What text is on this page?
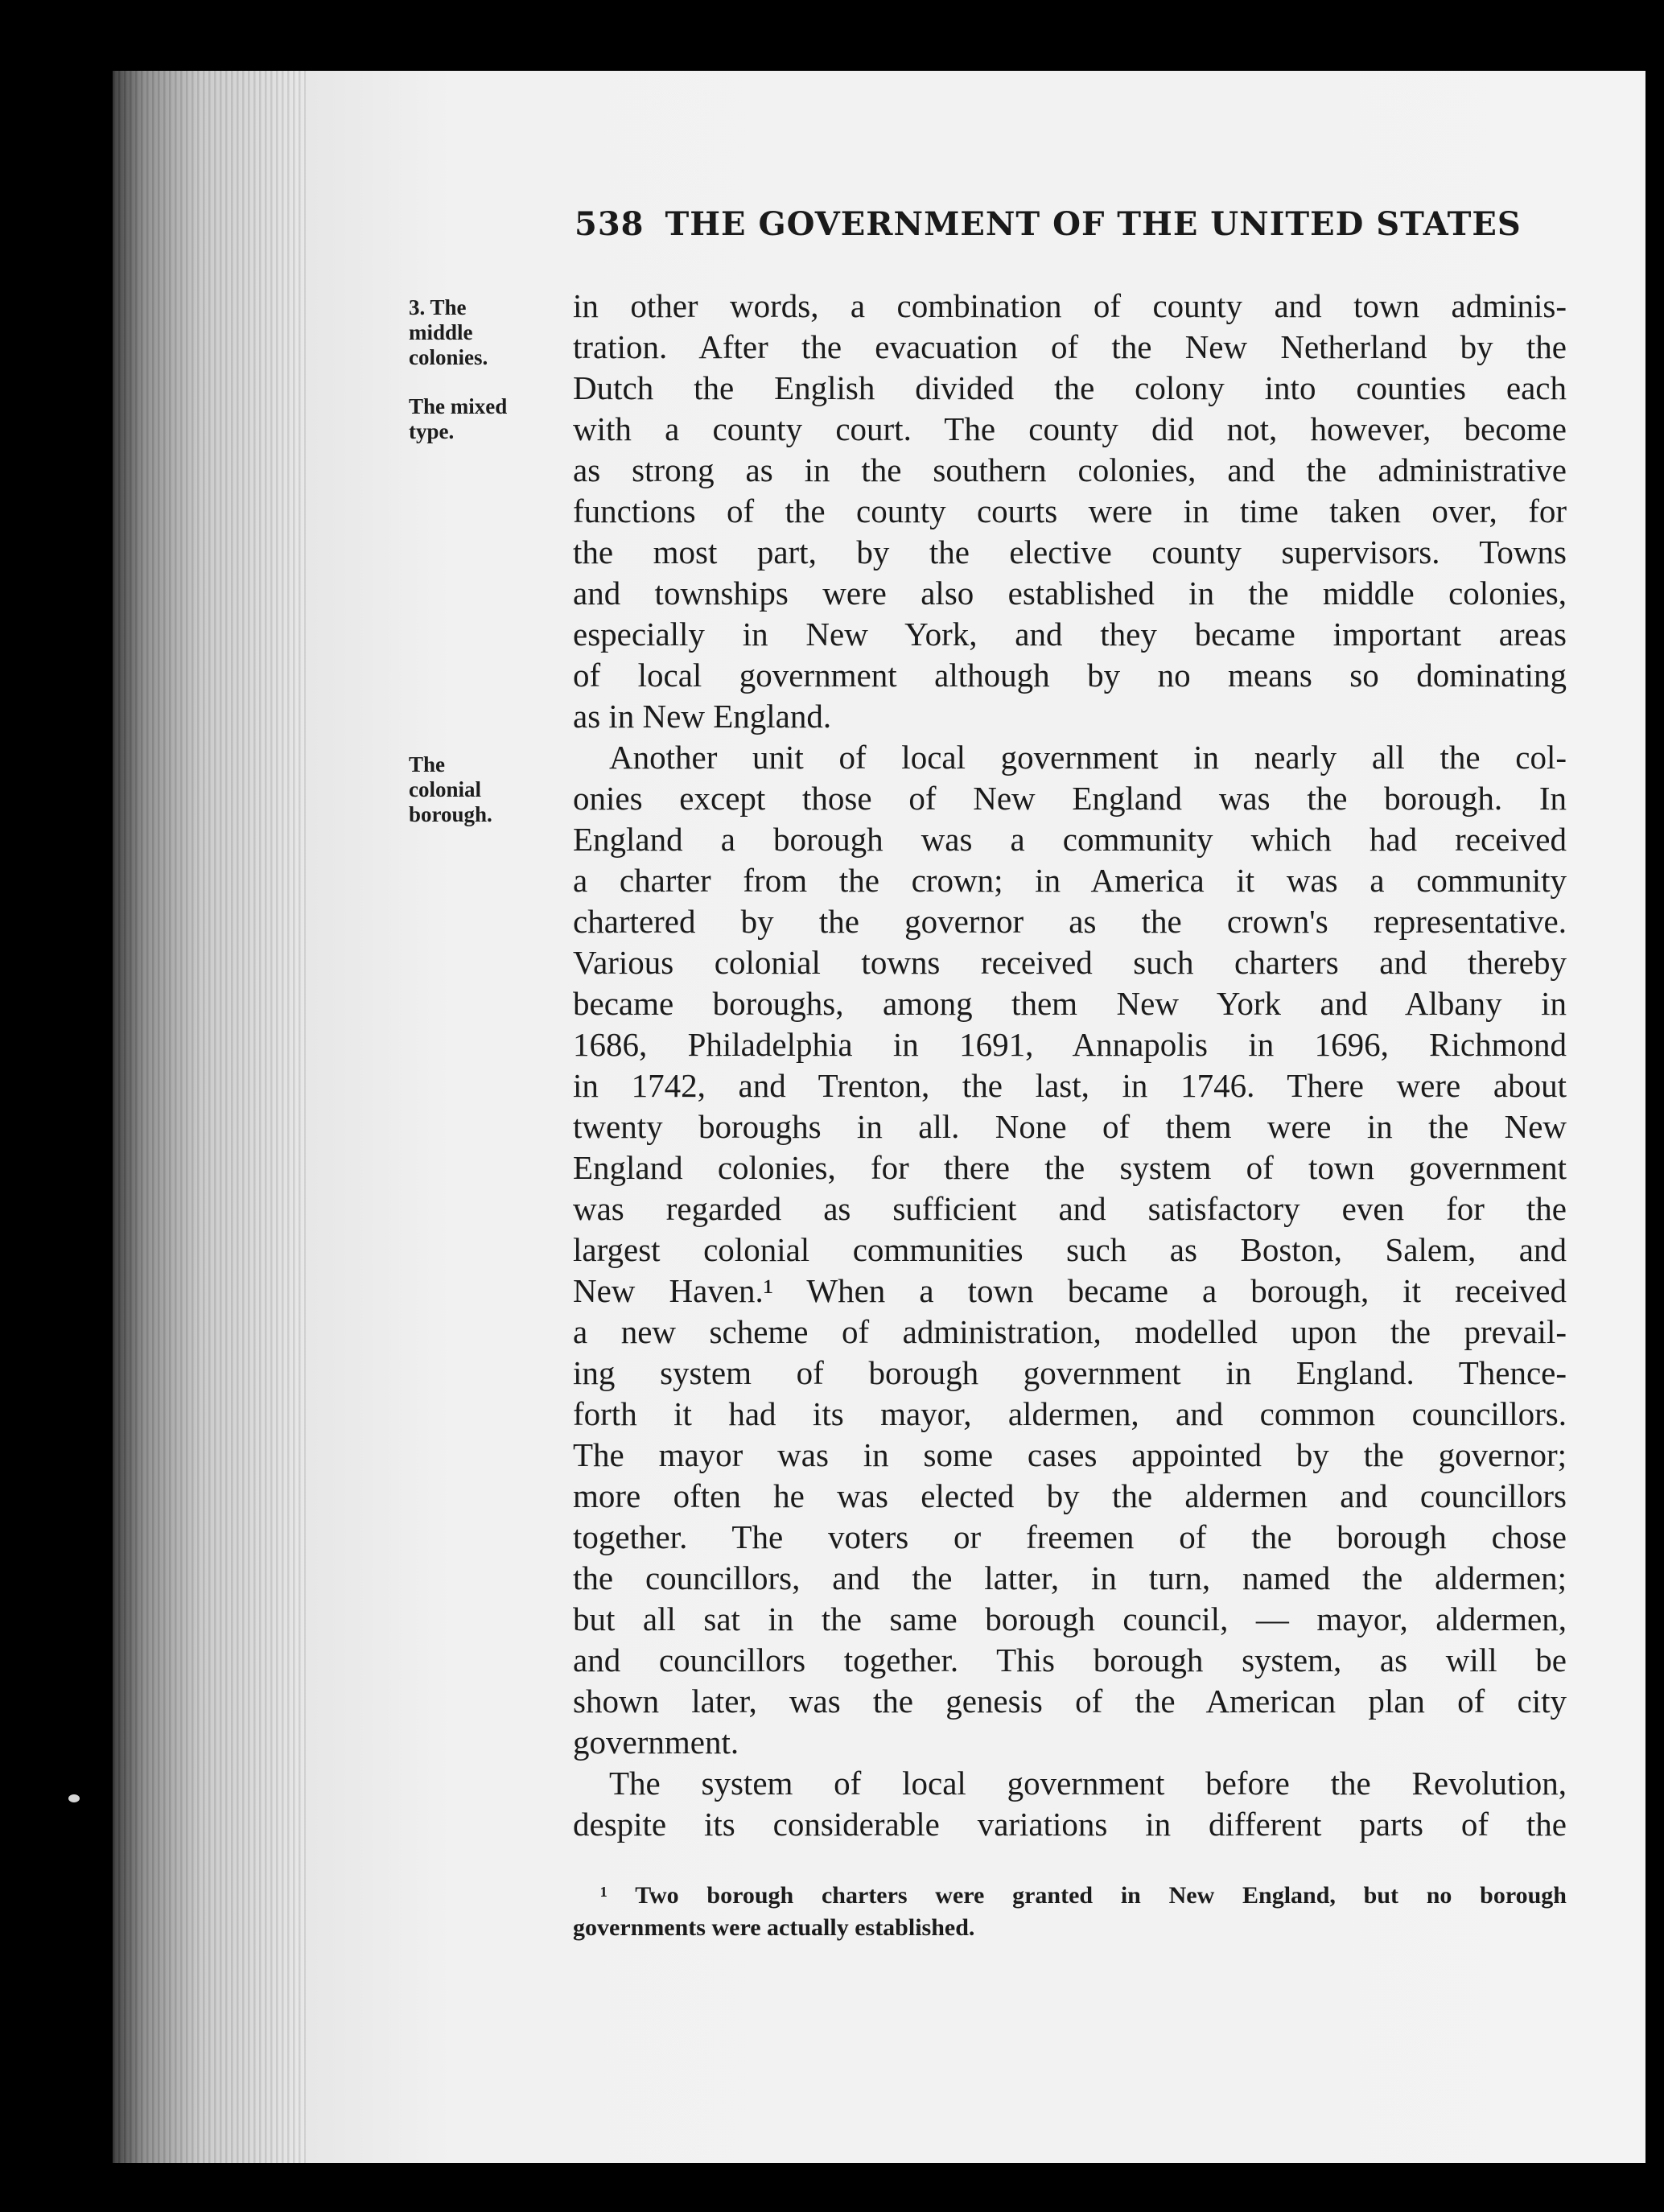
538 THE GOVERNMENT OF THE UNITED STATES
3. The
middle
colonies.
The mixed
type.
The
colonial
borough.
in other words, a combination of county and town adminis-
tration. After the evacuation of the New Netherland by the
Dutch the English divided the colony into counties each
with a county court. The county did not, however, become
as strong as in the southern colonies, and the administrative
functions of the county courts were in time taken over, for
the most part, by the elective county supervisors. Towns
and townships were also established in the middle colonies,
especially in New York, and they became important areas
of local government although by no means so dominating
as in New England.
Another unit of local government in nearly all the col-
onies except those of New England was the borough. In
England a borough was a community which had received
a charter from the crown; in America it was a community
chartered by the governor as the crown's representative.
Various colonial towns received such charters and thereby
became boroughs, among them New York and Albany in
1686, Philadelphia in 1691, Annapolis in 1696, Richmond
in 1742, and Trenton, the last, in 1746. There were about
twenty boroughs in all. None of them were in the New
England colonies, for there the system of town government
was regarded as sufficient and satisfactory even for the
largest colonial communities such as Boston, Salem, and
New Haven.¹ When a town became a borough, it received
a new scheme of administration, modelled upon the prevail-
ing system of borough government in England. Thence-
forth it had its mayor, aldermen, and common councillors.
The mayor was in some cases appointed by the governor;
more often he was elected by the aldermen and councillors
together. The voters or freemen of the borough chose
the councillors, and the latter, in turn, named the aldermen;
but all sat in the same borough council, — mayor, aldermen,
and councillors together. This borough system, as will be
shown later, was the genesis of the American plan of city
government.
The system of local government before the Revolution,
despite its considerable variations in different parts of the
¹ Two borough charters were granted in New England, but no borough
governments were actually established.
